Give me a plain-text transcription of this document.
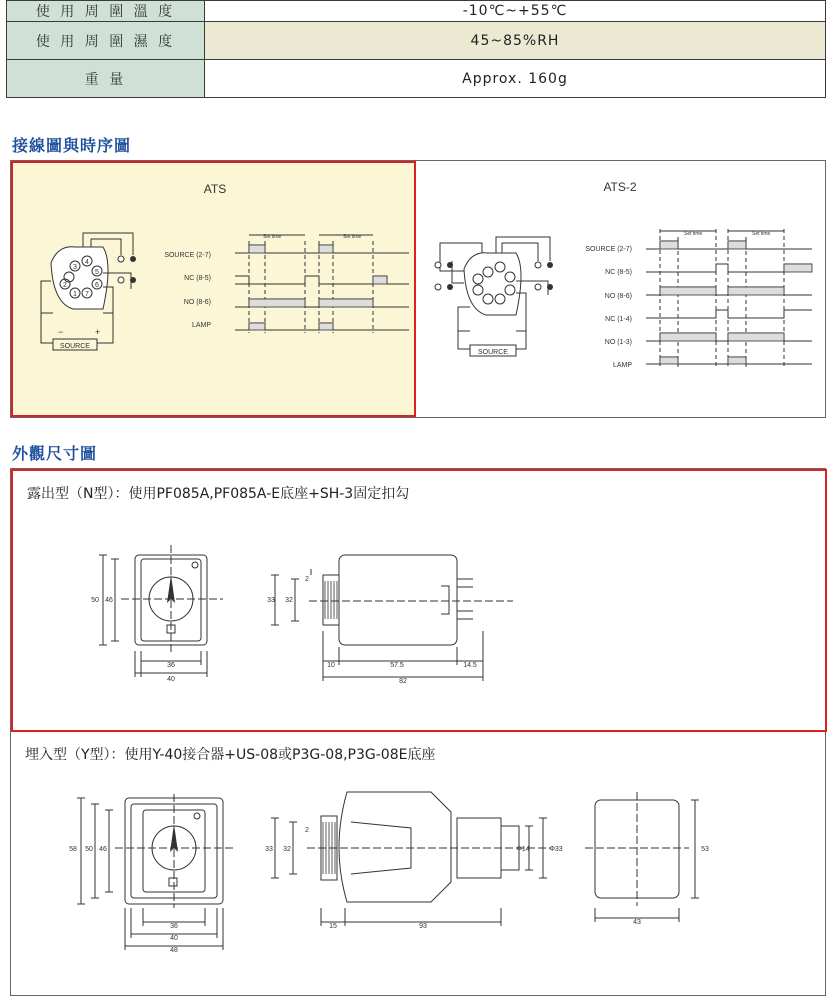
使 用 周 圍 溫 度	-10℃~+55℃
使 用 周 圍 濕 度	45~85%RH
重 量	Approx. 160g
接線圖與時序圖
ATS
3
4
5
6
7
1
2
SOURCE
−	+
SOURCE (2-7)
NC (8-5)
NO (8-6)
LAMP
Set time	Set time
ATS-2
SOURCE
SOURCE (2-7)
NC (8-5)
NO (8-6)
NC (1-4)
NO (1-3)
LAMP
Set time	Set time
外觀尺寸圖
露出型（N型）：使用PF085A,PF085A-E底座+SH-3固定扣勾
50 46
36
40
33 32
2
10	57.5	14.5
82
埋入型（Y型）：使用Y-40接合器+US-08或P3G-08,P3G-08E底座
58 50 46
36
40
48
33 32
2
15	93
Φ14	Φ33
43
53
